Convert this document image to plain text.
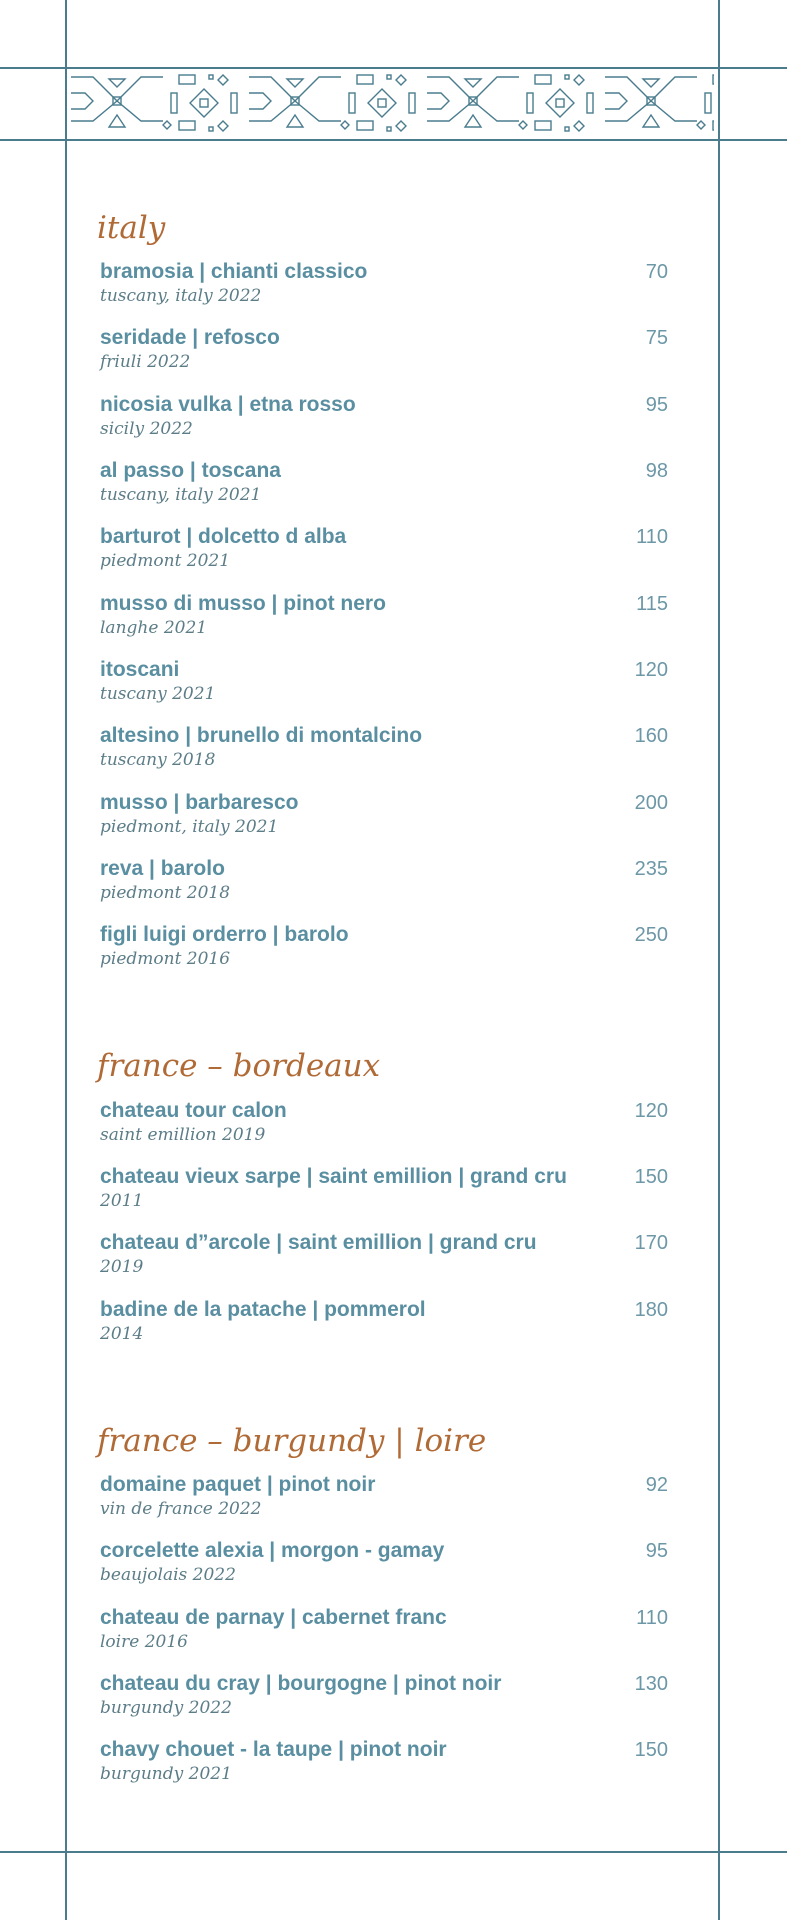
italy
bramosia | chianti classico
tuscany, italy 2022
70
seridade | refosco
friuli 2022
75
nicosia vulka | etna rosso
sicily 2022
95
al passo | toscana
tuscany, italy 2021
98
barturot | dolcetto d alba
piedmont 2021
110
musso di musso | pinot nero
langhe 2021
115
itoscani
tuscany 2021
120
altesino | brunello di montalcino
tuscany 2018
160
musso | barbaresco
piedmont, italy 2021
200
reva | barolo
piedmont 2018
235
figli luigi orderro | barolo
piedmont 2016
250
france – bordeaux
chateau tour calon
saint emillion 2019
120
chateau vieux sarpe | saint emillion | grand cru
2011
150
chateau d”arcole | saint emillion | grand cru
2019
170
badine de la patache | pommerol
2014
180
france – burgundy | loire
domaine paquet | pinot noir
vin de france 2022
92
corcelette alexia | morgon - gamay
beaujolais 2022
95
chateau de parnay | cabernet franc
loire 2016
110
chateau du cray | bourgogne | pinot noir
burgundy 2022
130
chavy chouet - la taupe | pinot noir
burgundy 2021
150
